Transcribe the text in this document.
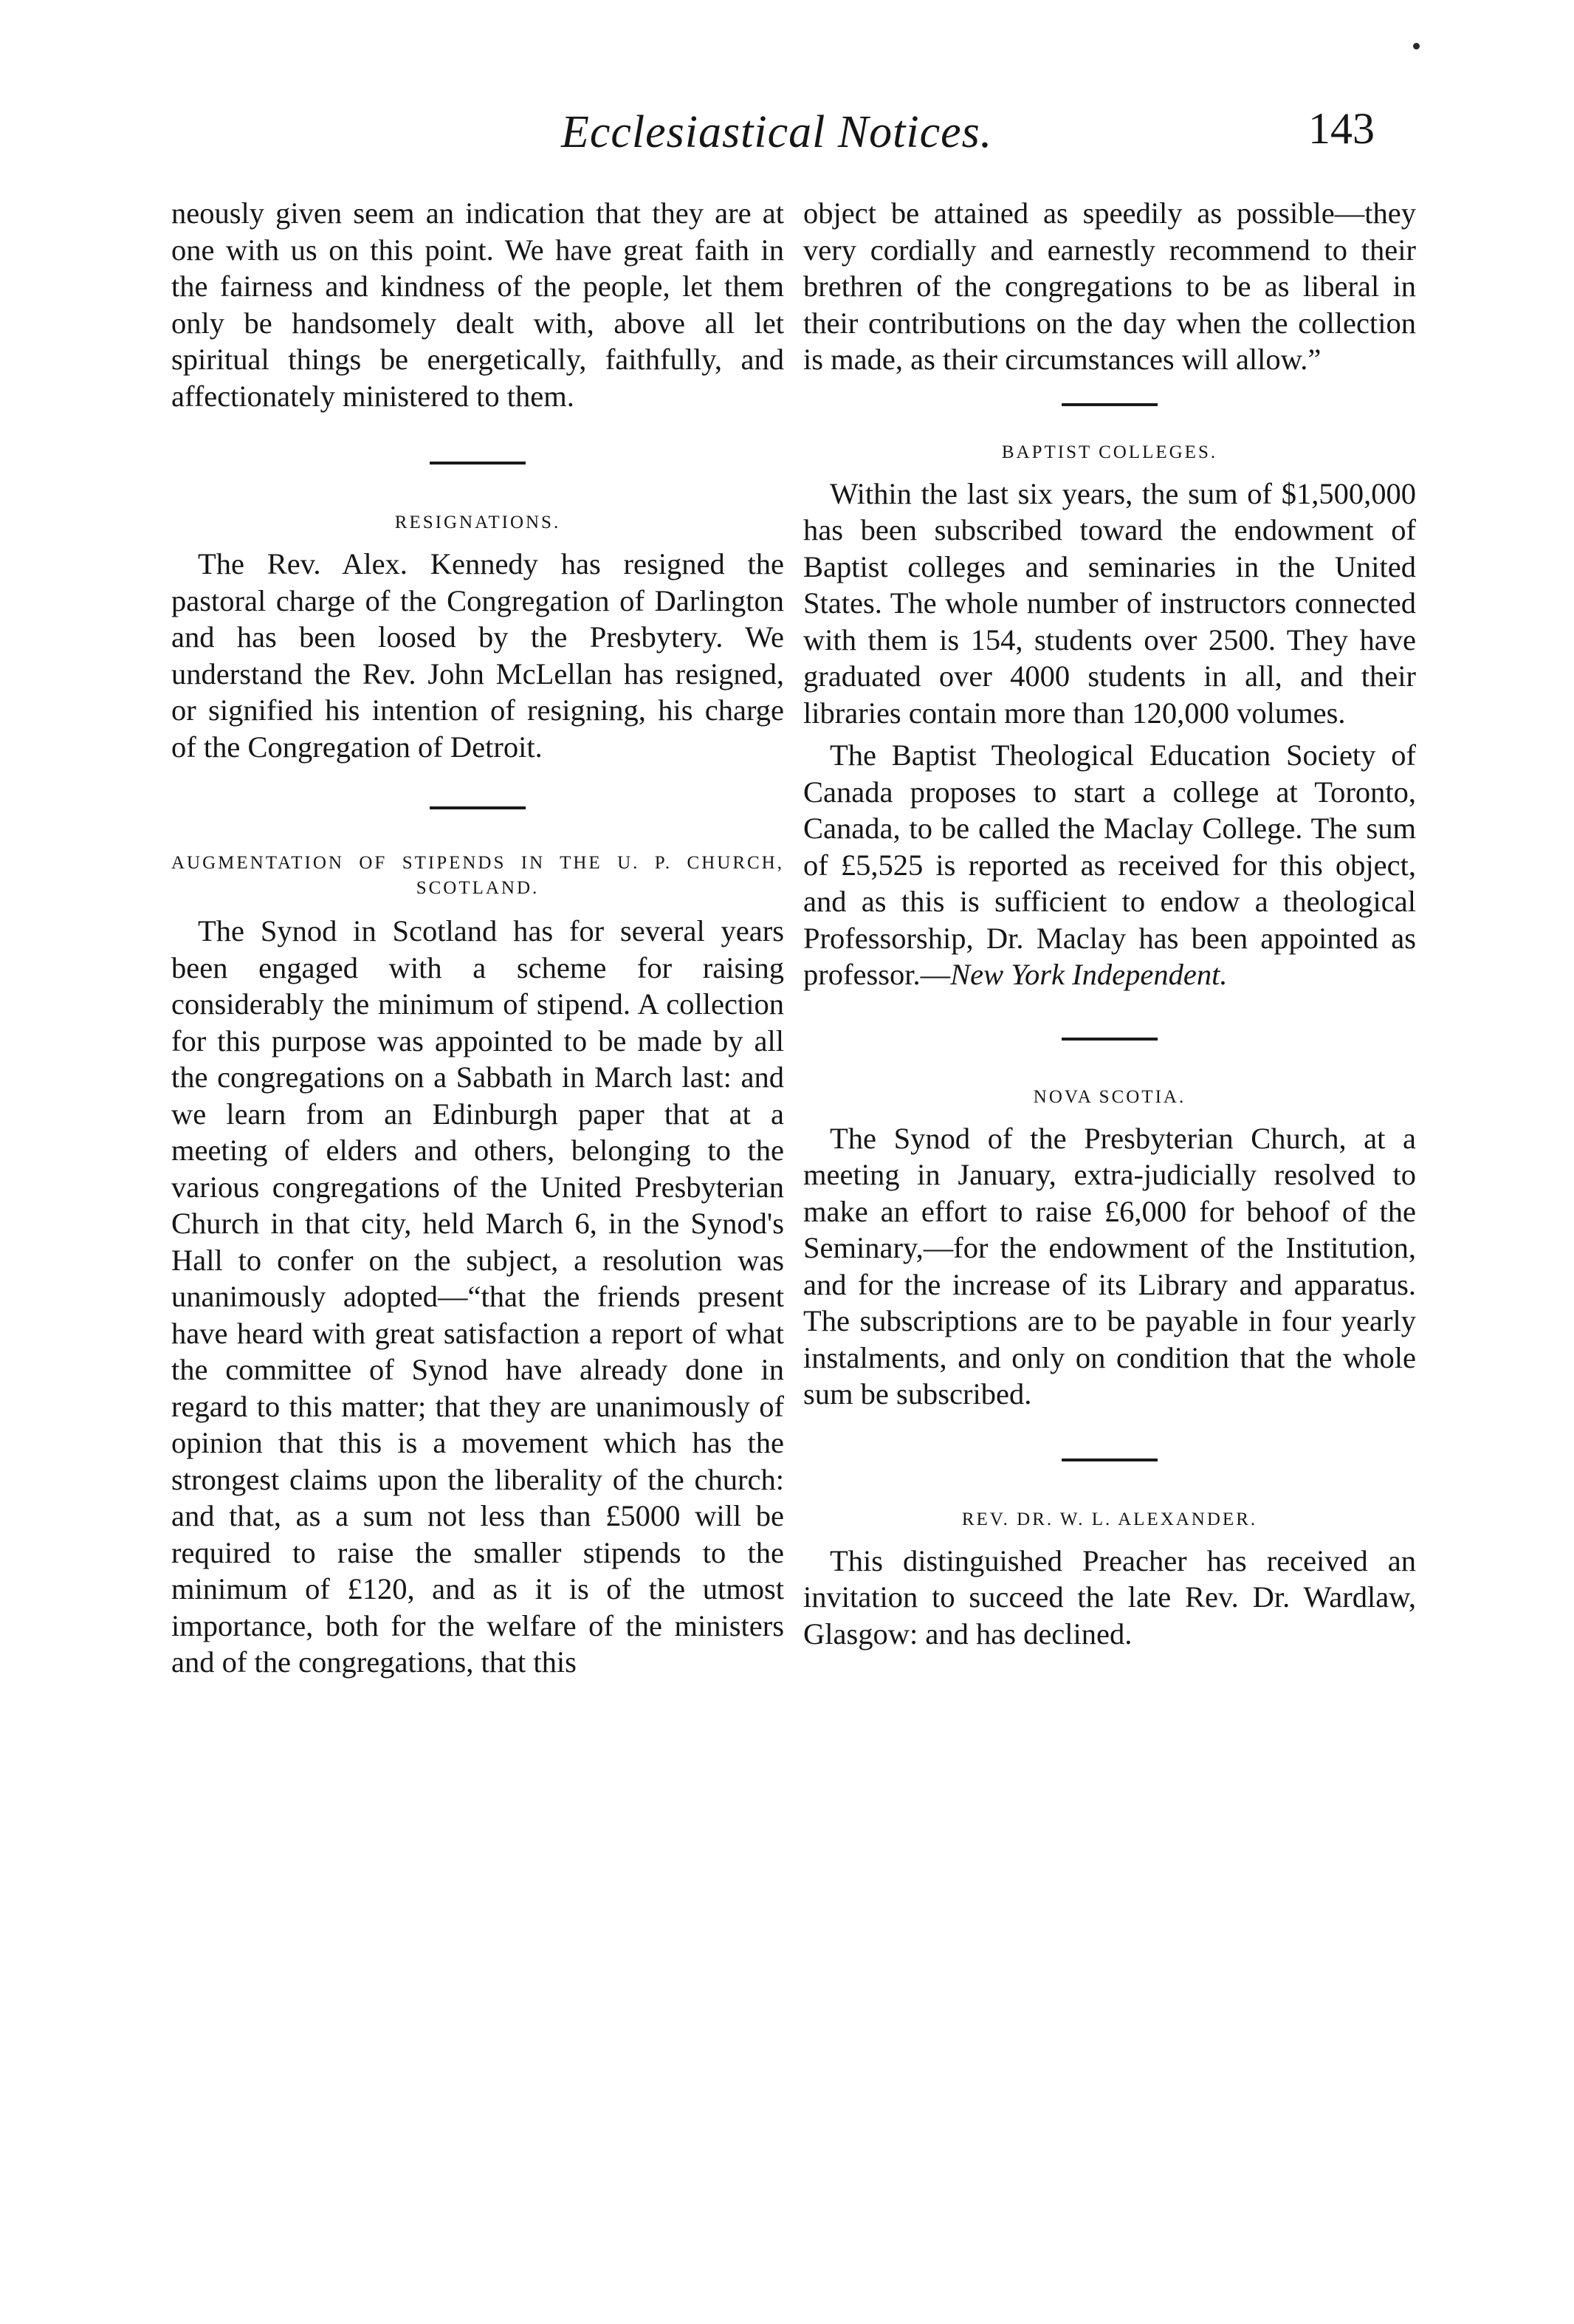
Ecclesiastical Notices.	143

neously given seem an indication that they are at one with us on this point. We have great faith in the fairness and kindness of the people, let them only be handsomely dealt with, above all let spiritual things be energetically, faithfully, and affectionately ministered to them.

RESIGNATIONS.

The Rev. Alex. Kennedy has resigned the pastoral charge of the Congregation of Darlington and has been loosed by the Presbytery. We understand the Rev. John McLellan has resigned, or signified his intention of resigning, his charge of the Congregation of Detroit.

AUGMENTATION OF STIPENDS IN THE U. P. CHURCH, SCOTLAND.

The Synod in Scotland has for several years been engaged with a scheme for raising considerably the minimum of stipend. A collection for this purpose was appointed to be made by all the congregations on a Sabbath in March last: and we learn from an Edinburgh paper that at a meeting of elders and others, belonging to the various congregations of the United Presbyterian Church in that city, held March 6, in the Synod's Hall to confer on the subject, a resolution was unanimously adopted—“that the friends present have heard with great satisfaction a report of what the committee of Synod have already done in regard to this matter; that they are unanimously of opinion that this is a movement which has the strongest claims upon the liberality of the church: and that, as a sum not less than £5000 will be required to raise the smaller stipends to the minimum of £120, and as it is of the utmost importance, both for the welfare of the ministers and of the congregations, that this

object be attained as speedily as possible—they very cordially and earnestly recommend to their brethren of the congregations to be as liberal in their contributions on the day when the collection is made, as their circumstances will allow.”

BAPTIST COLLEGES.

Within the last six years, the sum of $1,500,000 has been subscribed toward the endowment of Baptist colleges and seminaries in the United States. The whole number of instructors connected with them is 154, students over 2500. They have graduated over 4000 students in all, and their libraries contain more than 120,000 volumes.

The Baptist Theological Education Society of Canada proposes to start a college at Toronto, Canada, to be called the Maclay College. The sum of £5,525 is reported as received for this object, and as this is sufficient to endow a theological Professorship, Dr. Maclay has been appointed as professor.—New York Independent.

NOVA SCOTIA.

The Synod of the Presbyterian Church, at a meeting in January, extra-judicially resolved to make an effort to raise £6,000 for behoof of the Seminary,—for the endowment of the Institution, and for the increase of its Library and apparatus. The subscriptions are to be payable in four yearly instalments, and only on condition that the whole sum be subscribed.

REV. DR. W. L. ALEXANDER.

This distinguished Preacher has received an invitation to succeed the late Rev. Dr. Wardlaw, Glasgow: and has declined.
